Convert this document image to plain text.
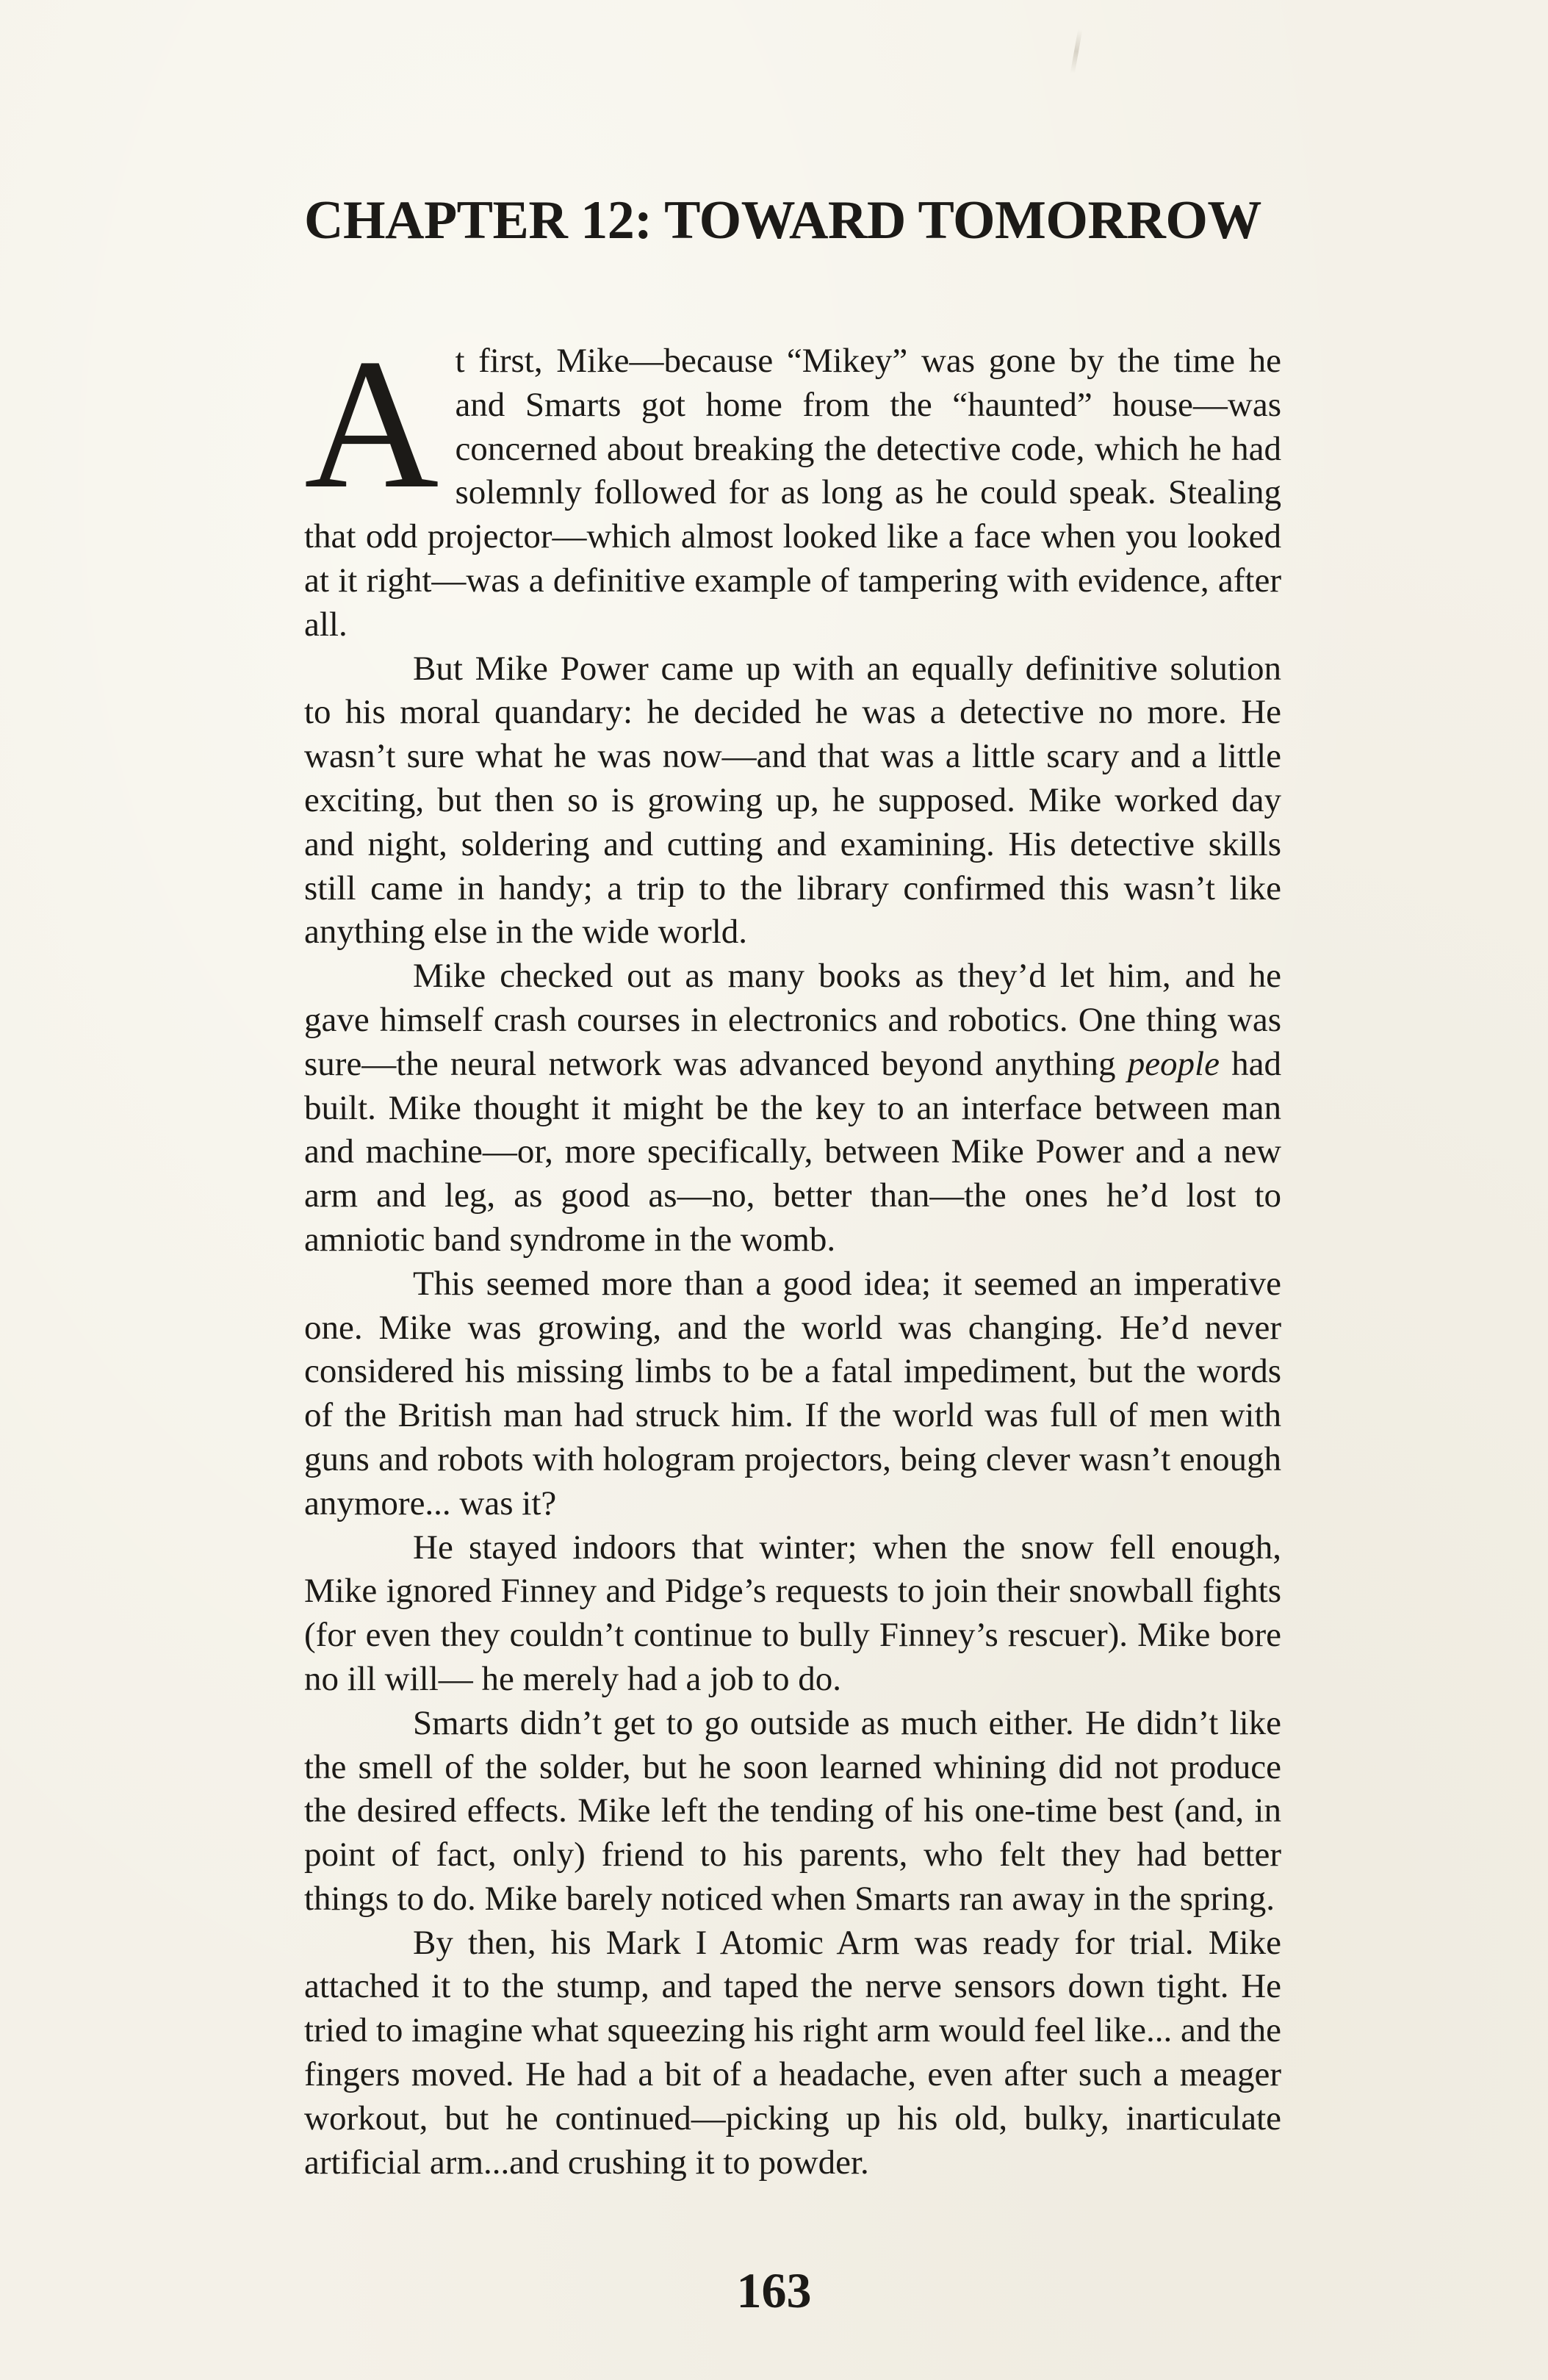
CHAPTER 12: TOWARD TOMORROW

At first, Mike—because “Mikey” was gone by the time he and Smarts got home from the “haunted” house—was concerned about breaking the detective code, which he had solemnly followed for as long as he could speak. Stealing that odd projector—which almost looked like a face when you looked at it right—was a definitive example of tampering with evidence, after all.

But Mike Power came up with an equally definitive solution to his moral quandary: he decided he was a detective no more. He wasn’t sure what he was now—and that was a little scary and a little exciting, but then so is growing up, he supposed. Mike worked day and night, soldering and cutting and examining. His detective skills still came in handy; a trip to the library confirmed this wasn’t like anything else in the wide world.

Mike checked out as many books as they’d let him, and he gave himself crash courses in electronics and robotics. One thing was sure—the neural network was advanced beyond anything people had built. Mike thought it might be the key to an interface between man and machine—or, more specifically, between Mike Power and a new arm and leg, as good as—no, better than—the ones he’d lost to amniotic band syndrome in the womb.

This seemed more than a good idea; it seemed an imperative one. Mike was growing, and the world was changing. He’d never considered his missing limbs to be a fatal impediment, but the words of the British man had struck him. If the world was full of men with guns and robots with hologram projectors, being clever wasn’t enough anymore... was it?

He stayed indoors that winter; when the snow fell enough, Mike ignored Finney and Pidge’s requests to join their snowball fights (for even they couldn’t continue to bully Finney’s rescuer). Mike bore no ill will— he merely had a job to do.

Smarts didn’t get to go outside as much either. He didn’t like the smell of the solder, but he soon learned whining did not produce the desired effects. Mike left the tending of his one-time best (and, in point of fact, only) friend to his parents, who felt they had better things to do. Mike barely noticed when Smarts ran away in the spring.

By then, his Mark I Atomic Arm was ready for trial. Mike attached it to the stump, and taped the nerve sensors down tight. He tried to imagine what squeezing his right arm would feel like... and the fingers moved. He had a bit of a headache, even after such a meager workout, but he continued—picking up his old, bulky, inarticulate artificial arm...and crushing it to powder.

163
